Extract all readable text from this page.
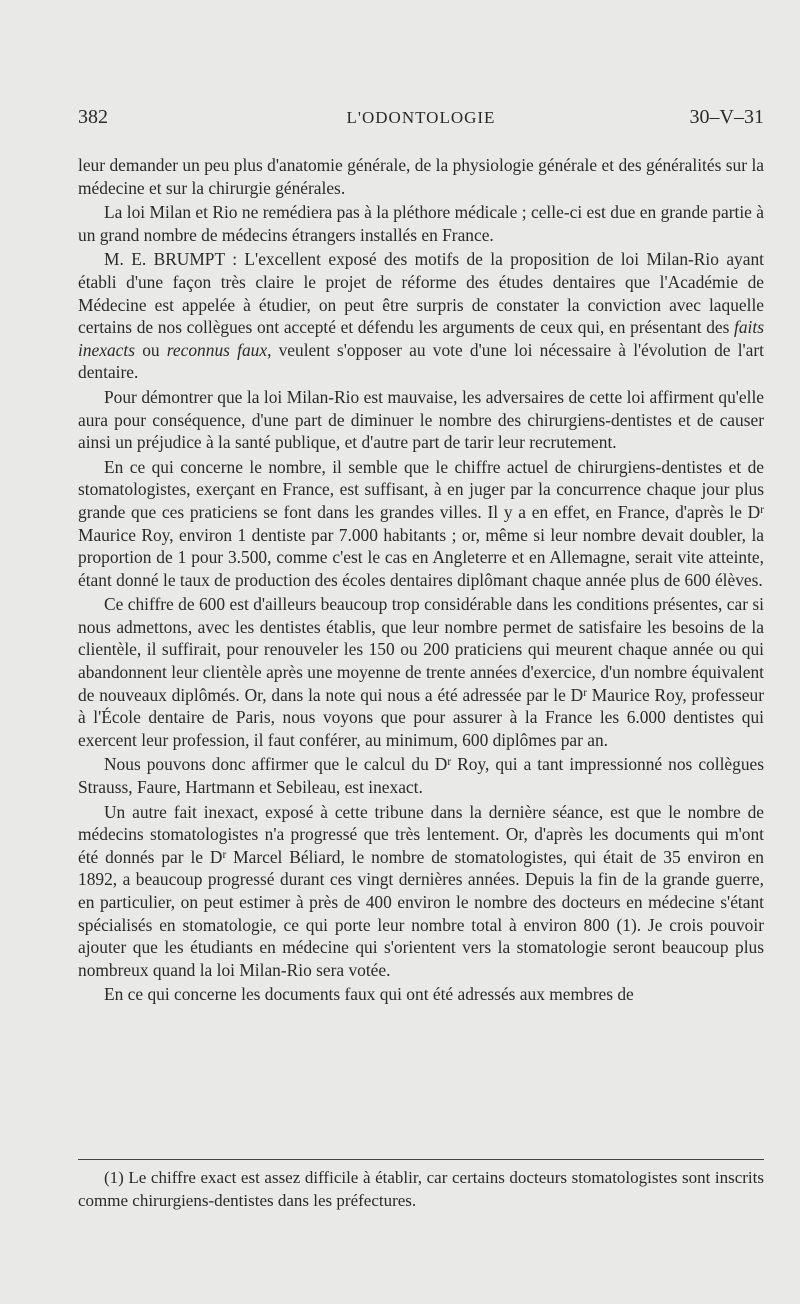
382	L'ODONTOLOGIE	30–V–31

leur demander un peu plus d'anatomie générale, de la physiologie générale et des généralités sur la médecine et sur la chirurgie générales.

La loi Milan et Rio ne remédiera pas à la pléthore médicale ; celle-ci est due en grande partie à un grand nombre de médecins étrangers installés en France.

M. E. BRUMPT : L'excellent exposé des motifs de la proposition de loi Milan-Rio ayant établi d'une façon très claire le projet de réforme des études dentaires que l'Académie de Médecine est appelée à étudier, on peut être surpris de constater la conviction avec laquelle certains de nos collègues ont accepté et défendu les arguments de ceux qui, en présentant des faits inexacts ou reconnus faux, veulent s'opposer au vote d'une loi nécessaire à l'évolution de l'art dentaire.

Pour démontrer que la loi Milan-Rio est mauvaise, les adversaires de cette loi affirment qu'elle aura pour conséquence, d'une part de diminuer le nombre des chirurgiens-dentistes et de causer ainsi un préjudice à la santé publique, et d'autre part de tarir leur recrutement.

En ce qui concerne le nombre, il semble que le chiffre actuel de chirurgiens-dentistes et de stomatologistes, exerçant en France, est suffisant, à en juger par la concurrence chaque jour plus grande que ces praticiens se font dans les grandes villes. Il y a en effet, en France, d'après le $D^r$ Maurice Roy, environ 1 dentiste par 7.000 habitants ; or, même si leur nombre devait doubler, la proportion de 1 pour 3.500, comme c'est le cas en Angleterre et en Allemagne, serait vite atteinte, étant donné le taux de production des écoles dentaires diplômant chaque année plus de 600 élèves.

Ce chiffre de 600 est d'ailleurs beaucoup trop considérable dans les conditions présentes, car si nous admettons, avec les dentistes établis, que leur nombre permet de satisfaire les besoins de la clientèle, il suffirait, pour renouveler les 150 ou 200 praticiens qui meurent chaque année ou qui abandonnent leur clientèle après une moyenne de trente années d'exercice, d'un nombre équivalent de nouveaux diplômés. Or, dans la note qui nous a été adressée par le $D^r$ Maurice Roy, professeur à l'École dentaire de Paris, nous voyons que pour assurer à la France les 6.000 dentistes qui exercent leur profession, il faut conférer, au minimum, 600 diplômes par an.

Nous pouvons donc affirmer que le calcul du $D^r$ Roy, qui a tant impressionné nos collègues Strauss, Faure, Hartmann et Sebileau, est inexact.

Un autre fait inexact, exposé à cette tribune dans la dernière séance, est que le nombre de médecins stomatologistes n'a progressé que très lentement. Or, d'après les documents qui m'ont été donnés par le $D^r$ Marcel Béliard, le nombre de stomatologistes, qui était de 35 environ en 1892, a beaucoup progressé durant ces vingt dernières années. Depuis la fin de la grande guerre, en particulier, on peut estimer à près de 400 environ le nombre des docteurs en médecine s'étant spécialisés en stomatologie, ce qui porte leur nombre total à environ 800 (1). Je crois pouvoir ajouter que les étudiants en médecine qui s'orientent vers la stomatologie seront beaucoup plus nombreux quand la loi Milan-Rio sera votée.

En ce qui concerne les documents faux qui ont été adressés aux membres de

(1) Le chiffre exact est assez difficile à établir, car certains docteurs stomatologistes sont inscrits comme chirurgiens-dentistes dans les préfectures.
